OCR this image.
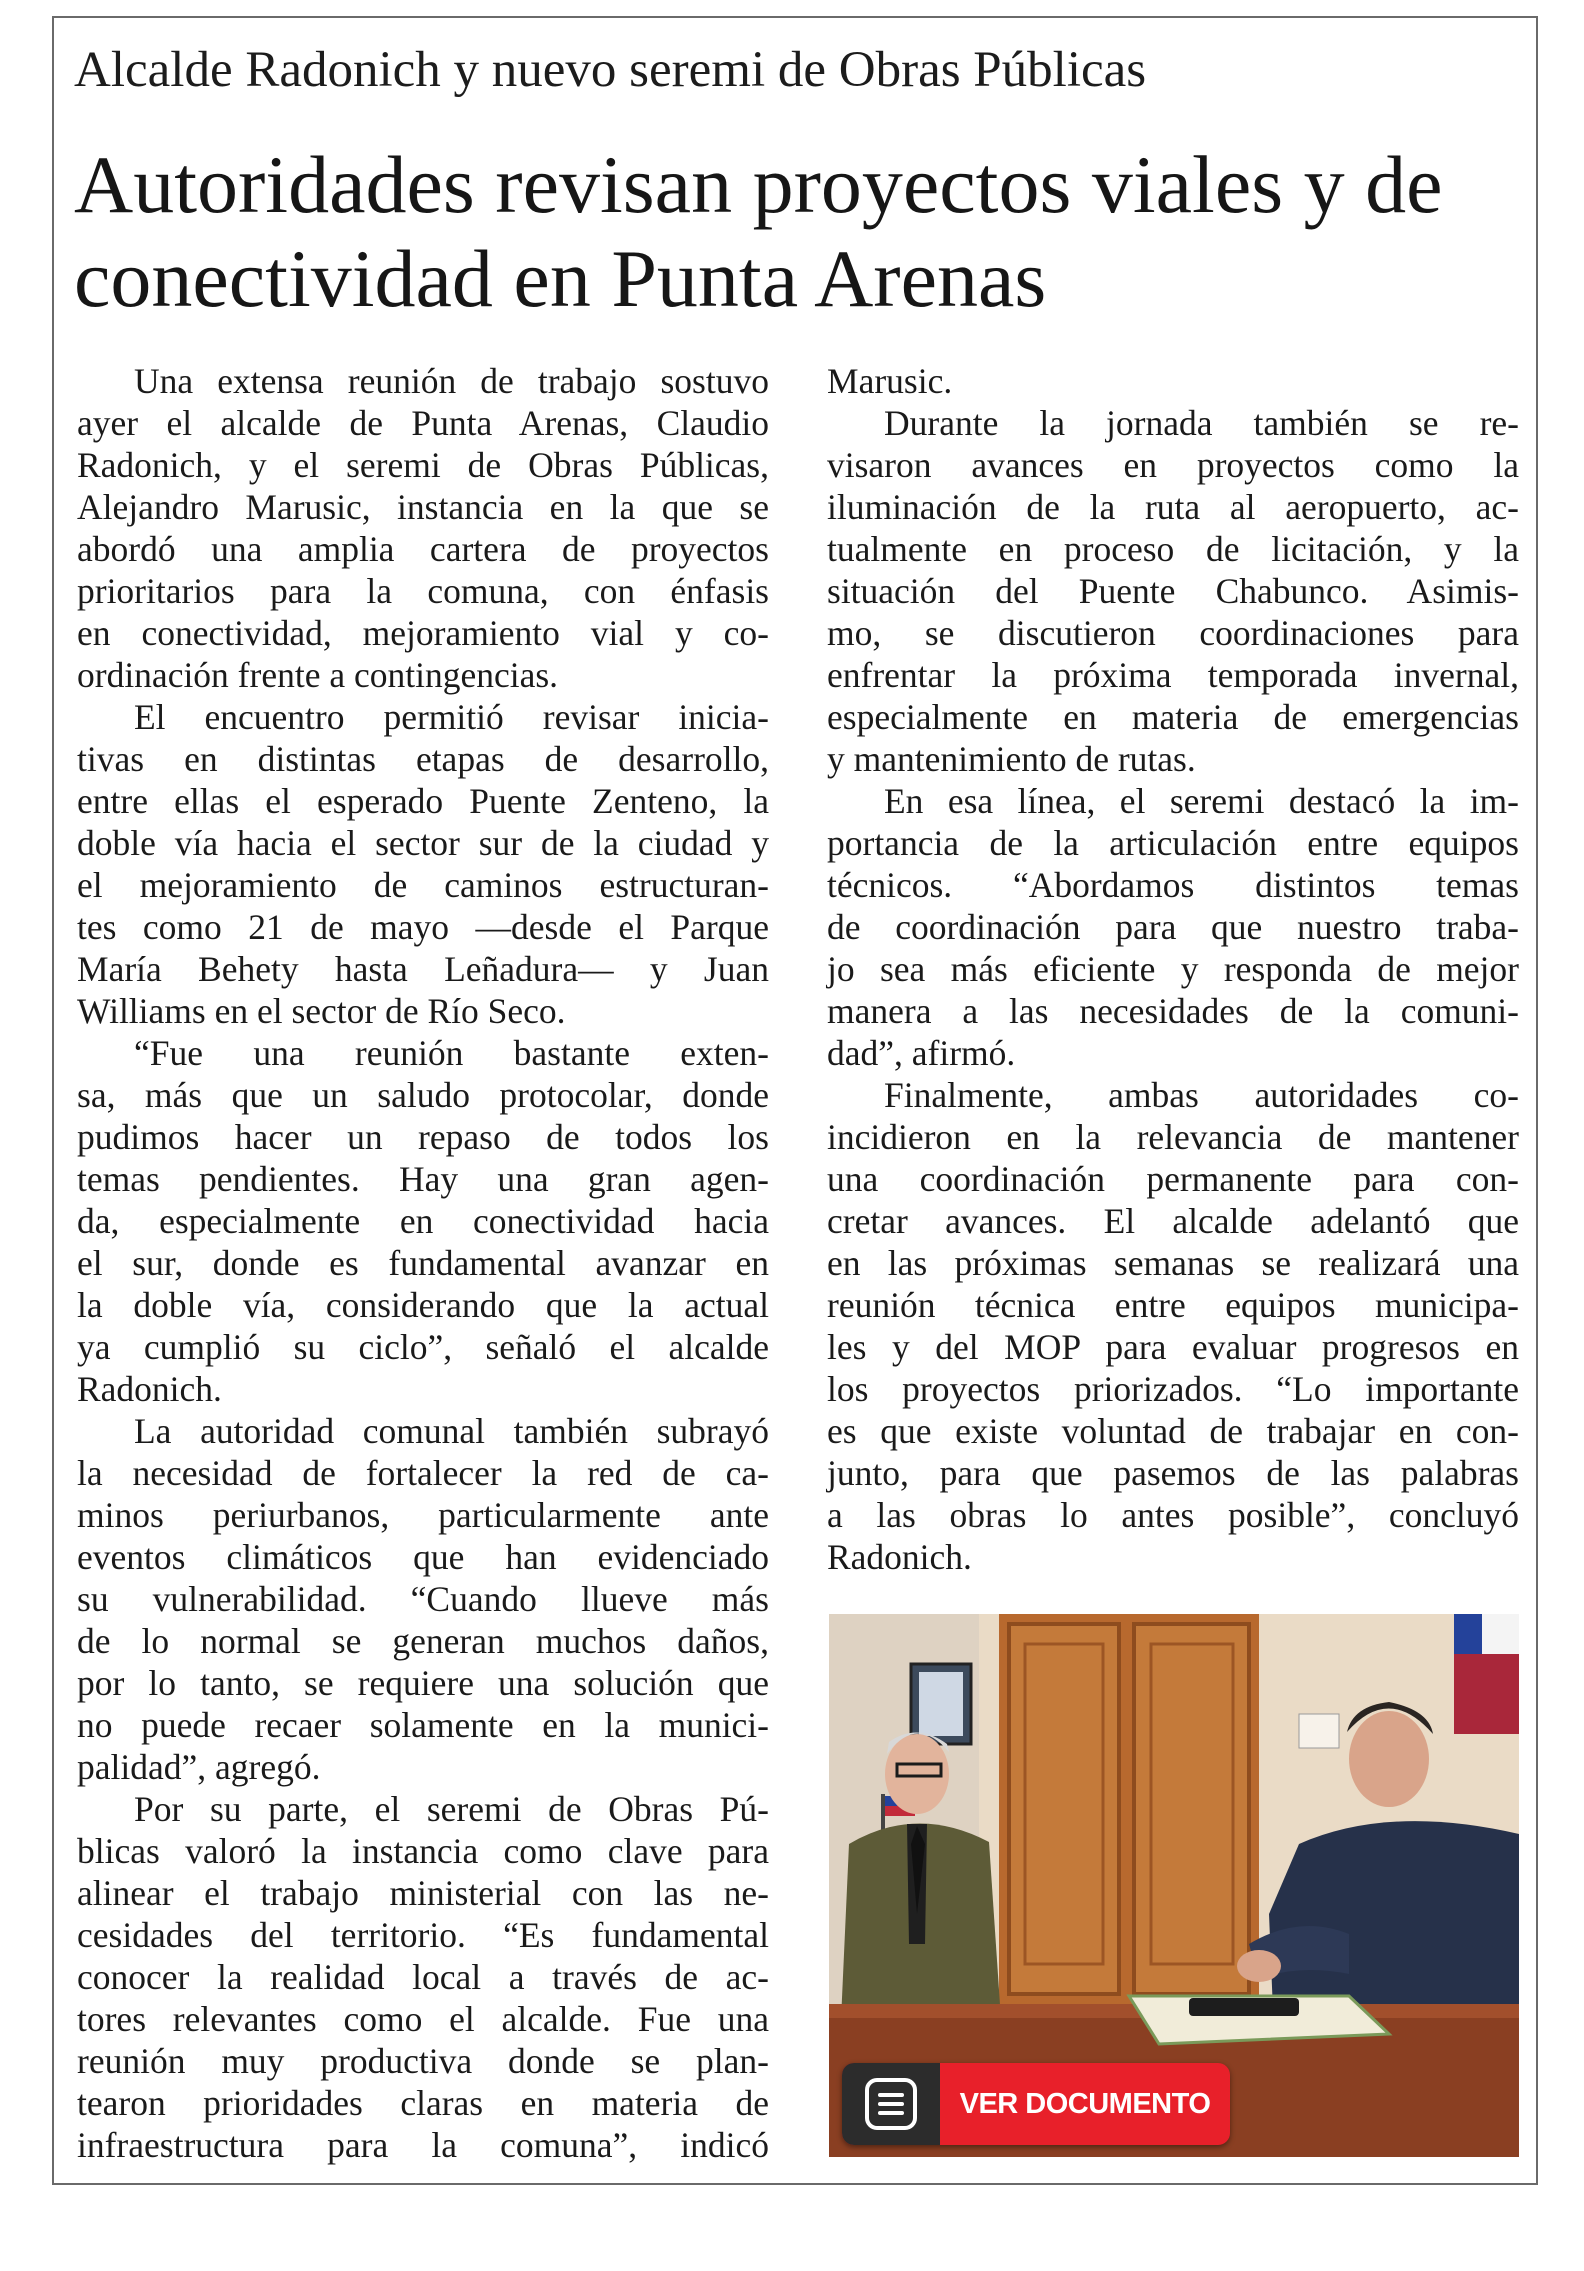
Alcalde Radonich y nuevo seremi de Obras Públicas
Autoridades revisan proyectos viales y de
conectividad en Punta Arenas
Una extensa reunión de trabajo sostuvo
ayer el alcalde de Punta Arenas, Claudio
Radonich, y el seremi de Obras Públicas,
Alejandro Marusic, instancia en la que se
abordó una amplia cartera de proyectos
prioritarios para la comuna, con énfasis
en conectividad, mejoramiento vial y co-
ordinación frente a contingencias.
El encuentro permitió revisar inicia-
tivas en distintas etapas de desarrollo,
entre ellas el esperado Puente Zenteno, la
doble vía hacia el sector sur de la ciudad y
el mejoramiento de caminos estructuran-
tes como 21 de mayo —desde el Parque
María Behety hasta Leñadura— y Juan
Williams en el sector de Río Seco.
“Fue una reunión bastante exten-
sa, más que un saludo protocolar, donde
pudimos hacer un repaso de todos los
temas pendientes. Hay una gran agen-
da, especialmente en conectividad hacia
el sur, donde es fundamental avanzar en
la doble vía, considerando que la actual
ya cumplió su ciclo”, señaló el alcalde
Radonich.
La autoridad comunal también subrayó
la necesidad de fortalecer la red de ca-
minos periurbanos, particularmente ante
eventos climáticos que han evidenciado
su vulnerabilidad. “Cuando llueve más
de lo normal se generan muchos daños,
por lo tanto, se requiere una solución que
no puede recaer solamente en la munici-
palidad”, agregó.
Por su parte, el seremi de Obras Pú-
blicas valoró la instancia como clave para
alinear el trabajo ministerial con las ne-
cesidades del territorio. “Es fundamental
conocer la realidad local a través de ac-
tores relevantes como el alcalde. Fue una
reunión muy productiva donde se plan-
tearon prioridades claras en materia de
infraestructura para la comuna”, indicó
Marusic.
Durante la jornada también se re-
visaron avances en proyectos como la
iluminación de la ruta al aeropuerto, ac-
tualmente en proceso de licitación, y la
situación del Puente Chabunco. Asimis-
mo, se discutieron coordinaciones para
enfrentar la próxima temporada invernal,
especialmente en materia de emergencias
y mantenimiento de rutas.
En esa línea, el seremi destacó la im-
portancia de la articulación entre equipos
técnicos. “Abordamos distintos temas
de coordinación para que nuestro traba-
jo sea más eficiente y responda de mejor
manera a las necesidades de la comuni-
dad”, afirmó.
Finalmente, ambas autoridades co-
incidieron en la relevancia de mantener
una coordinación permanente para con-
cretar avances. El alcalde adelantó que
en las próximas semanas se realizará una
reunión técnica entre equipos municipa-
les y del MOP para evaluar progresos en
los proyectos priorizados. “Lo importante
es que existe voluntad de trabajar en con-
junto, para que pasemos de las palabras
a las obras lo antes posible”, concluyó
Radonich.
VER DOCUMENTO
